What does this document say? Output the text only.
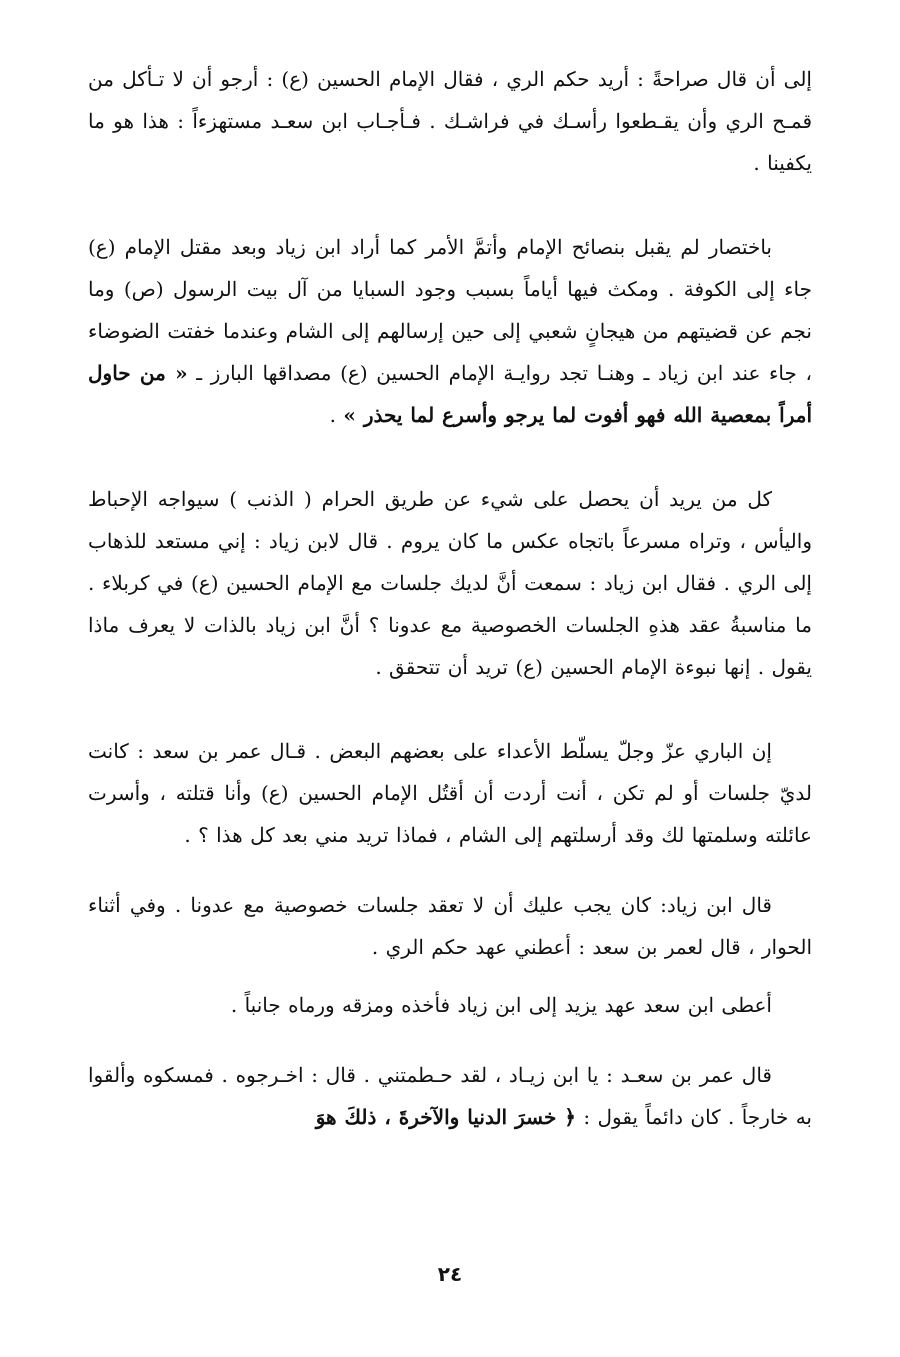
إلى أن قال صراحةً : أريد حكم الري ، فقال الإمام الحسين (ع) : أرجو أن لا تـأكل من قمـح الري وأن يقـطعوا رأسـك في فراشـك . فـأجـاب ابن سعـد مستهزءاً : هذا هو ما يكفينا .

باختصار لم يقبل بنصائح الإمام وأتمَّ الأمر كما أراد ابن زياد وبعد مقتل الإمام (ع) جاء إلى الكوفة . ومكث فيها أياماً بسبب وجود السبايا من آل بيت الرسول (ص) وما نجم عن قضيتهم من هيجانٍ شعبي إلى حين إرسالهم إلى الشام وعندما خفتت الضوضاء ، جاء عند ابن زياد ـ وهنـا تجد روايـة الإمام الحسين (ع) مصداقها البارز ـ « من حاول أمراً بمعصية الله فهو أفوت لما يرجو وأسرع لما يحذر » .

كل من يريد أن يحصل على شيء عن طريق الحرام ( الذنب ) سيواجه الإحباط واليأس ، وتراه مسرعاً باتجاه عكس ما كان يروم . قال لابن زياد : إني مستعد للذهاب إلى الري . فقال ابن زياد : سمعت أنَّ لديك جلسات مع الإمام الحسين (ع) في كربلاء . ما مناسبةُ عقد هذهِ الجلسات الخصوصية مع عدونا ؟ أنَّ ابن زياد بالذات لا يعرف ماذا يقول . إنها نبوءة الإمام الحسين (ع) تريد أن تتحقق .

إن الباري عزّ وجلّ يسلّط الأعداء على بعضهم البعض . قـال عمر بن سعد : كانت لديّ جلسات أو لم تكن ، أنت أردت أن أقتُل الإمام الحسين (ع) وأنا قتلته ، وأسرت عائلته وسلمتها لك وقد أرسلتهم إلى الشام ، فماذا تريد مني بعد كل هذا ؟ .

قال ابن زياد: كان يجب عليك أن لا تعقد جلسات خصوصية مع عدونا . وفي أثناء الحوار ، قال لعمر بن سعد : أعطني عهد حكم الري .

أعطى ابن سعد عهد يزيد إلى ابن زياد فأخذه ومزقه ورماه جانباً .

قال عمر بن سعـد : يا ابن زيـاد ، لقد حـطمتني . قال : اخـرجوه . فمسكوه وألقوا به خارجاً . كان دائماً يقول : ﴿ خسرَ الدنيا والآخرةَ ، ذلكَ هوَ

٢٤
